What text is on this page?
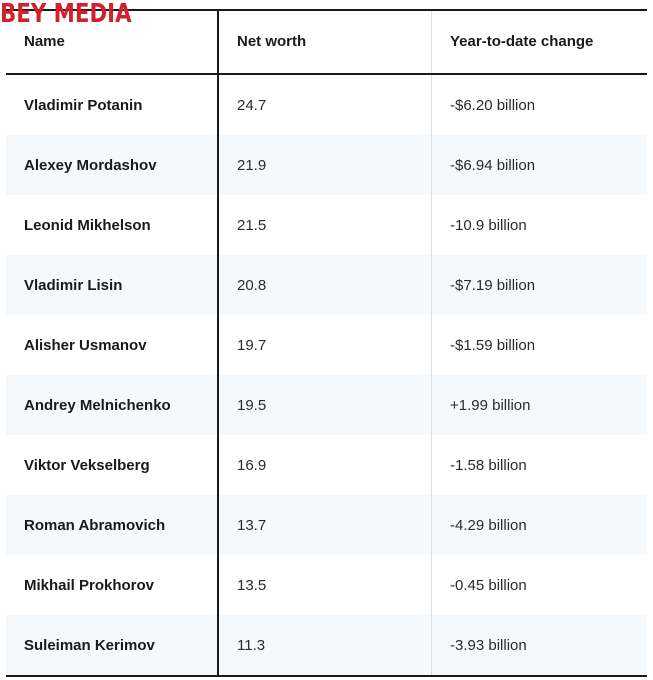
BEY MEDIA
Name	Net worth	Year-to-date change
Vladimir Potanin	24.7	-$6.20 billion
Alexey Mordashov	21.9	-$6.94 billion
Leonid Mikhelson	21.5	-10.9 billion
Vladimir Lisin	20.8	-$7.19 billion
Alisher Usmanov	19.7	-$1.59 billion
Andrey Melnichenko	19.5	+1.99 billion
Viktor Vekselberg	16.9	-1.58 billion
Roman Abramovich	13.7	-4.29 billion
Mikhail Prokhorov	13.5	-0.45 billion
Suleiman Kerimov	11.3	-3.93 billion
